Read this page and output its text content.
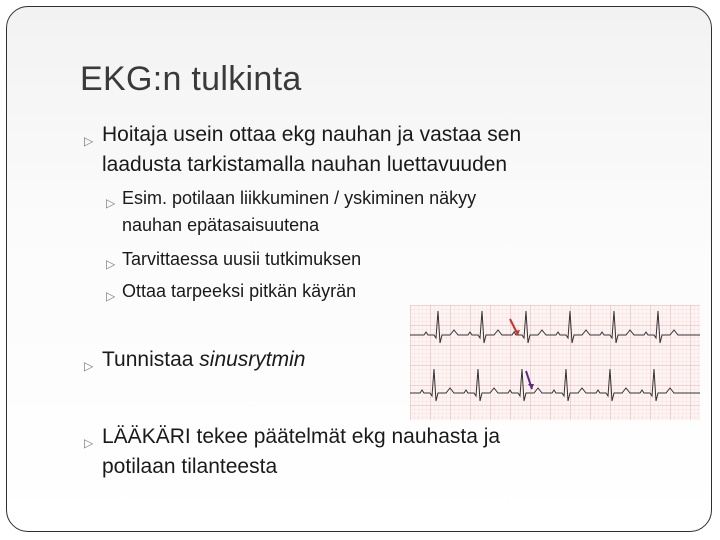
EKG:n tulkinta
▷ Hoitaja usein ottaa ekg nauhan ja vastaa sen
laadusta tarkistamalla nauhan luettavuuden
▷ Esim. potilaan liikkuminen / yskiminen näkyy
nauhan epätasaisuutena
▷ Tarvittaessa uusii tutkimuksen
▷ Ottaa tarpeeksi pitkän käyrän
▷ Tunnistaa sinusrytmin
▷ LÄÄKÄRI tekee päätelmät ekg nauhasta ja
potilaan tilanteesta
